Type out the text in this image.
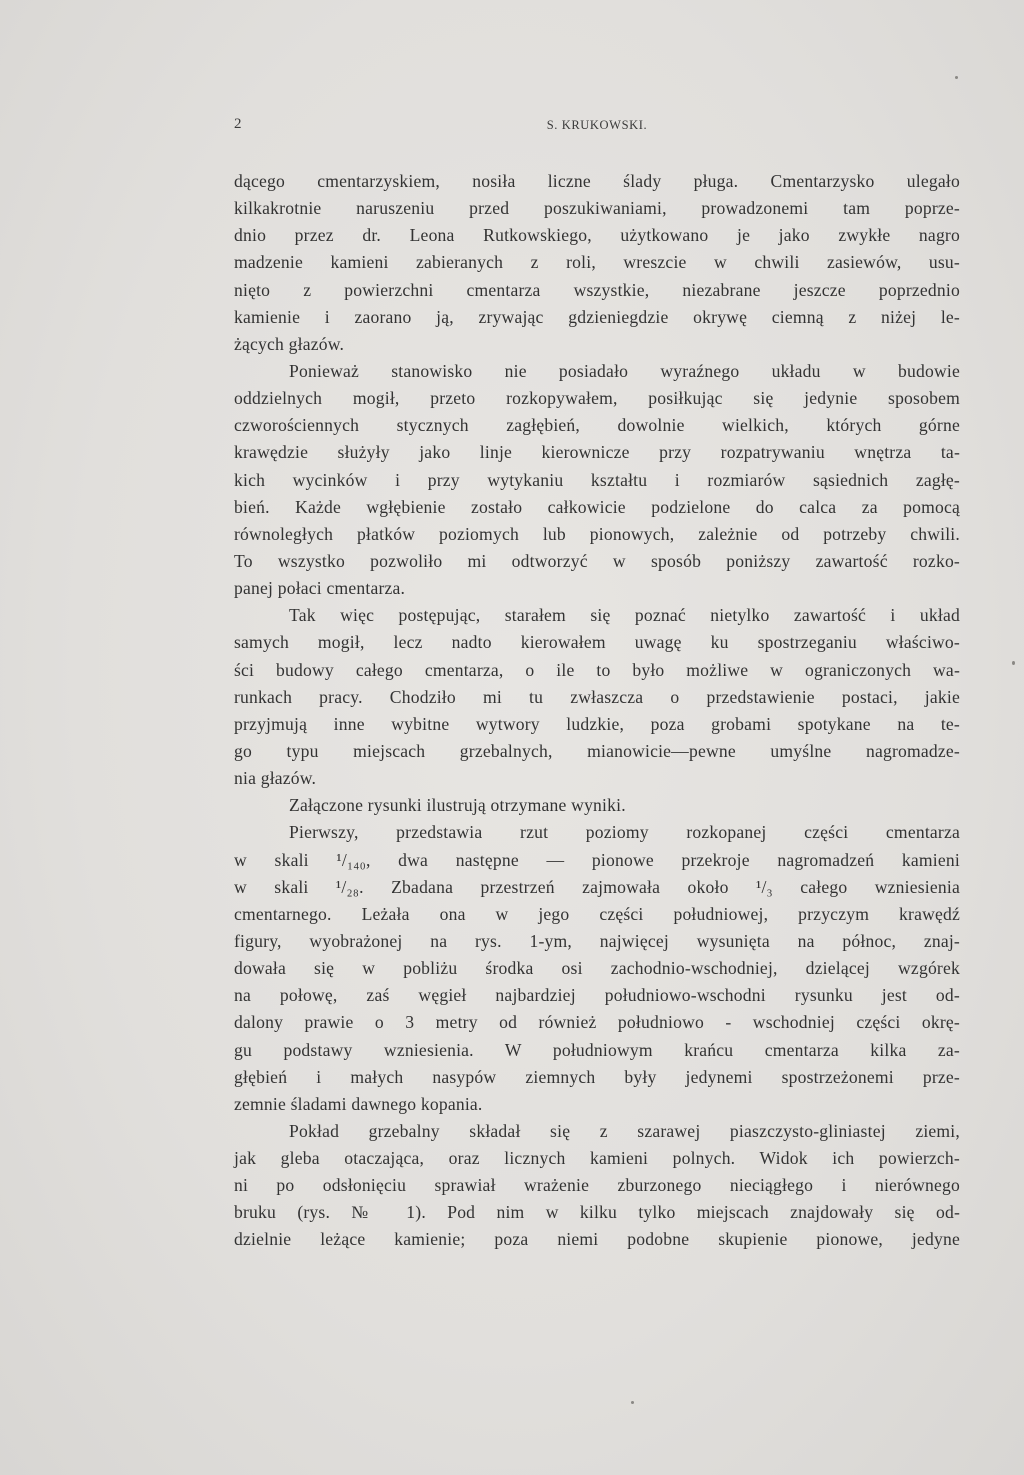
2	S. KRUKOWSKI.
dącego cmentarzyskiem, nosiła liczne ślady pługa. Cmentarzysko ulegało
kilkakrotnie naruszeniu przed poszukiwaniami, prowadzonemi tam poprze-
dnio przez dr. Leona Rutkowskiego, użytkowano je jako zwykłe nagro
madzenie kamieni zabieranych z roli, wreszcie w chwili zasiewów, usu-
nięto z powierzchni cmentarza wszystkie, niezabrane jeszcze poprzednio
kamienie i zaorano ją, zrywając gdzieniegdzie okrywę ciemną z niżej le-
żących głazów.
Ponieważ stanowisko nie posiadało wyraźnego układu w budowie
oddzielnych mogił, przeto rozkopywałem, posiłkując się jedynie sposobem
czworościennych stycznych zagłębień, dowolnie wielkich, których górne
krawędzie służyły jako linje kierownicze przy rozpatrywaniu wnętrza ta-
kich wycinków i przy wytykaniu kształtu i rozmiarów sąsiednich zagłę-
bień. Każde wgłębienie zostało całkowicie podzielone do calca za pomocą
równoległych płatków poziomych lub pionowych, zależnie od potrzeby chwili.
To wszystko pozwoliło mi odtworzyć w sposób poniższy zawartość rozko-
panej połaci cmentarza.
Tak więc postępując, starałem się poznać nietylko zawartość i układ
samych mogił, lecz nadto kierowałem uwagę ku spostrzeganiu właściwo-
ści budowy całego cmentarza, o ile to było możliwe w ograniczonych wa-
runkach pracy. Chodziło mi tu zwłaszcza o przedstawienie postaci, jakie
przyjmują inne wybitne wytwory ludzkie, poza grobami spotykane na te-
go typu miejscach grzebalnych, mianowicie—pewne umyślne nagromadze-
nia głazów.
Załączone rysunki ilustrują otrzymane wyniki.
Pierwszy, przedstawia rzut poziomy rozkopanej części cmentarza
w skali ¹/₁₄₀, dwa następne — pionowe przekroje nagromadzeń kamieni
w skali ¹/₂₈. Zbadana przestrzeń zajmowała około ¹/₃ całego wzniesienia
cmentarnego. Leżała ona w jego części południowej, przyczym krawędź
figury, wyobrażonej na rys. 1-ym, najwięcej wysunięta na północ, znaj-
dowała się w pobliżu środka osi zachodnio-wschodniej, dzielącej wzgórek
na połowę, zaś węgieł najbardziej południowo-wschodni rysunku jest od-
dalony prawie o 3 metry od również południowo - wschodniej części okrę-
gu podstawy wzniesienia. W południowym krańcu cmentarza kilka za-
głębień i małych nasypów ziemnych były jedynemi spostrzeżonemi prze-
zemnie śladami dawnego kopania.
Pokład grzebalny składał się z szarawej piaszczysto-gliniastej ziemi,
jak gleba otaczająca, oraz licznych kamieni polnych. Widok ich powierzch-
ni po odsłonięciu sprawiał wrażenie zburzonego nieciągłego i nierównego
bruku (rys. № 1). Pod nim w kilku tylko miejscach znajdowały się od-
dzielnie leżące kamienie; poza niemi podobne skupienie pionowe, jedyne
